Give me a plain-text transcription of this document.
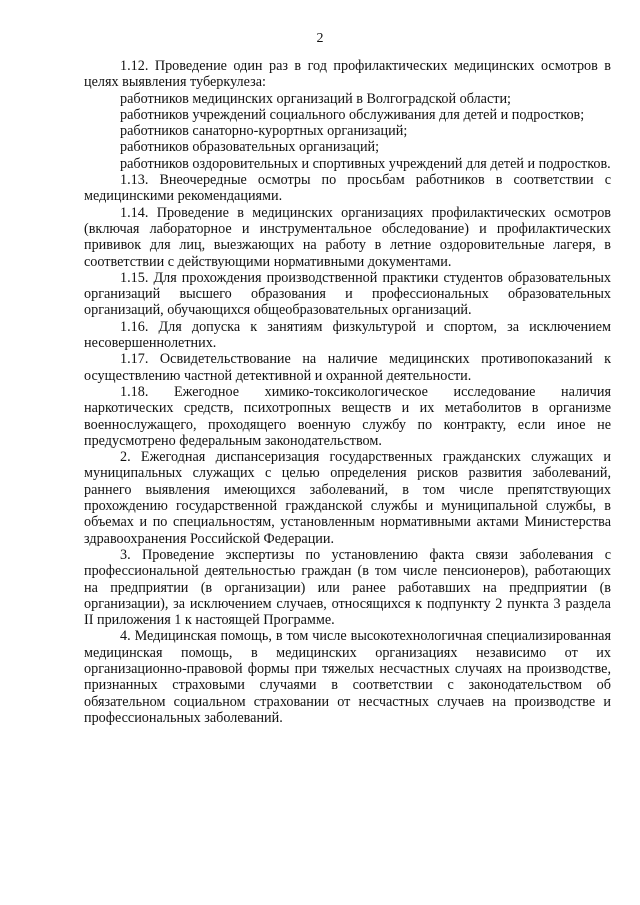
2

1.12. Проведение один раз в год профилактических медицинских осмотров в целях выявления туберкулеза:

работников медицинских организаций в Волгоградской области;

работников учреждений социального обслуживания для детей и подростков;

работников санаторно-курортных организаций;

работников образовательных организаций;

работников оздоровительных и спортивных учреждений для детей и подростков.

1.13. Внеочередные осмотры по просьбам работников в соответствии с медицинскими рекомендациями.

1.14. Проведение в медицинских организациях профилактических осмотров (включая лабораторное и инструментальное обследование) и профилактических прививок для лиц, выезжающих на работу в летние оздоровительные лагеря, в соответствии с действующими нормативными документами.

1.15. Для прохождения производственной практики студентов образовательных организаций высшего образования и профессиональных образовательных организаций, обучающихся общеобразовательных организаций.

1.16. Для допуска к занятиям физкультурой и спортом, за исключением несовершеннолетних.

1.17. Освидетельствование на наличие медицинских противопоказаний к осуществлению частной детективной и охранной деятельности.

1.18. Ежегодное химико-токсикологическое исследование наличия наркотических средств, психотропных веществ и их метаболитов в организме военнослужащего, проходящего военную службу по контракту, если иное не предусмотрено федеральным законодательством.

2. Ежегодная диспансеризация государственных гражданских служащих и муниципальных служащих с целью определения рисков развития заболеваний, раннего выявления имеющихся заболеваний, в том числе препятствующих прохождению государственной гражданской службы и муниципальной службы, в объемах и по специальностям, установленным нормативными актами Министерства здравоохранения Российской Федерации.

3. Проведение экспертизы по установлению факта связи заболевания с профессиональной деятельностью граждан (в том числе пенсионеров), работающих на предприятии (в организации) или ранее работавших на предприятии (в организации), за исключением случаев, относящихся к подпункту 2 пункта 3 раздела II приложения 1 к настоящей Программе.

4. Медицинская помощь, в том числе высокотехнологичная специализированная медицинская помощь, в медицинских организациях независимо от их организационно-правовой формы при тяжелых несчастных случаях на производстве, признанных страховыми случаями в соответствии с законодательством об обязательном социальном страховании от несчастных случаев на производстве и профессиональных заболеваний.
